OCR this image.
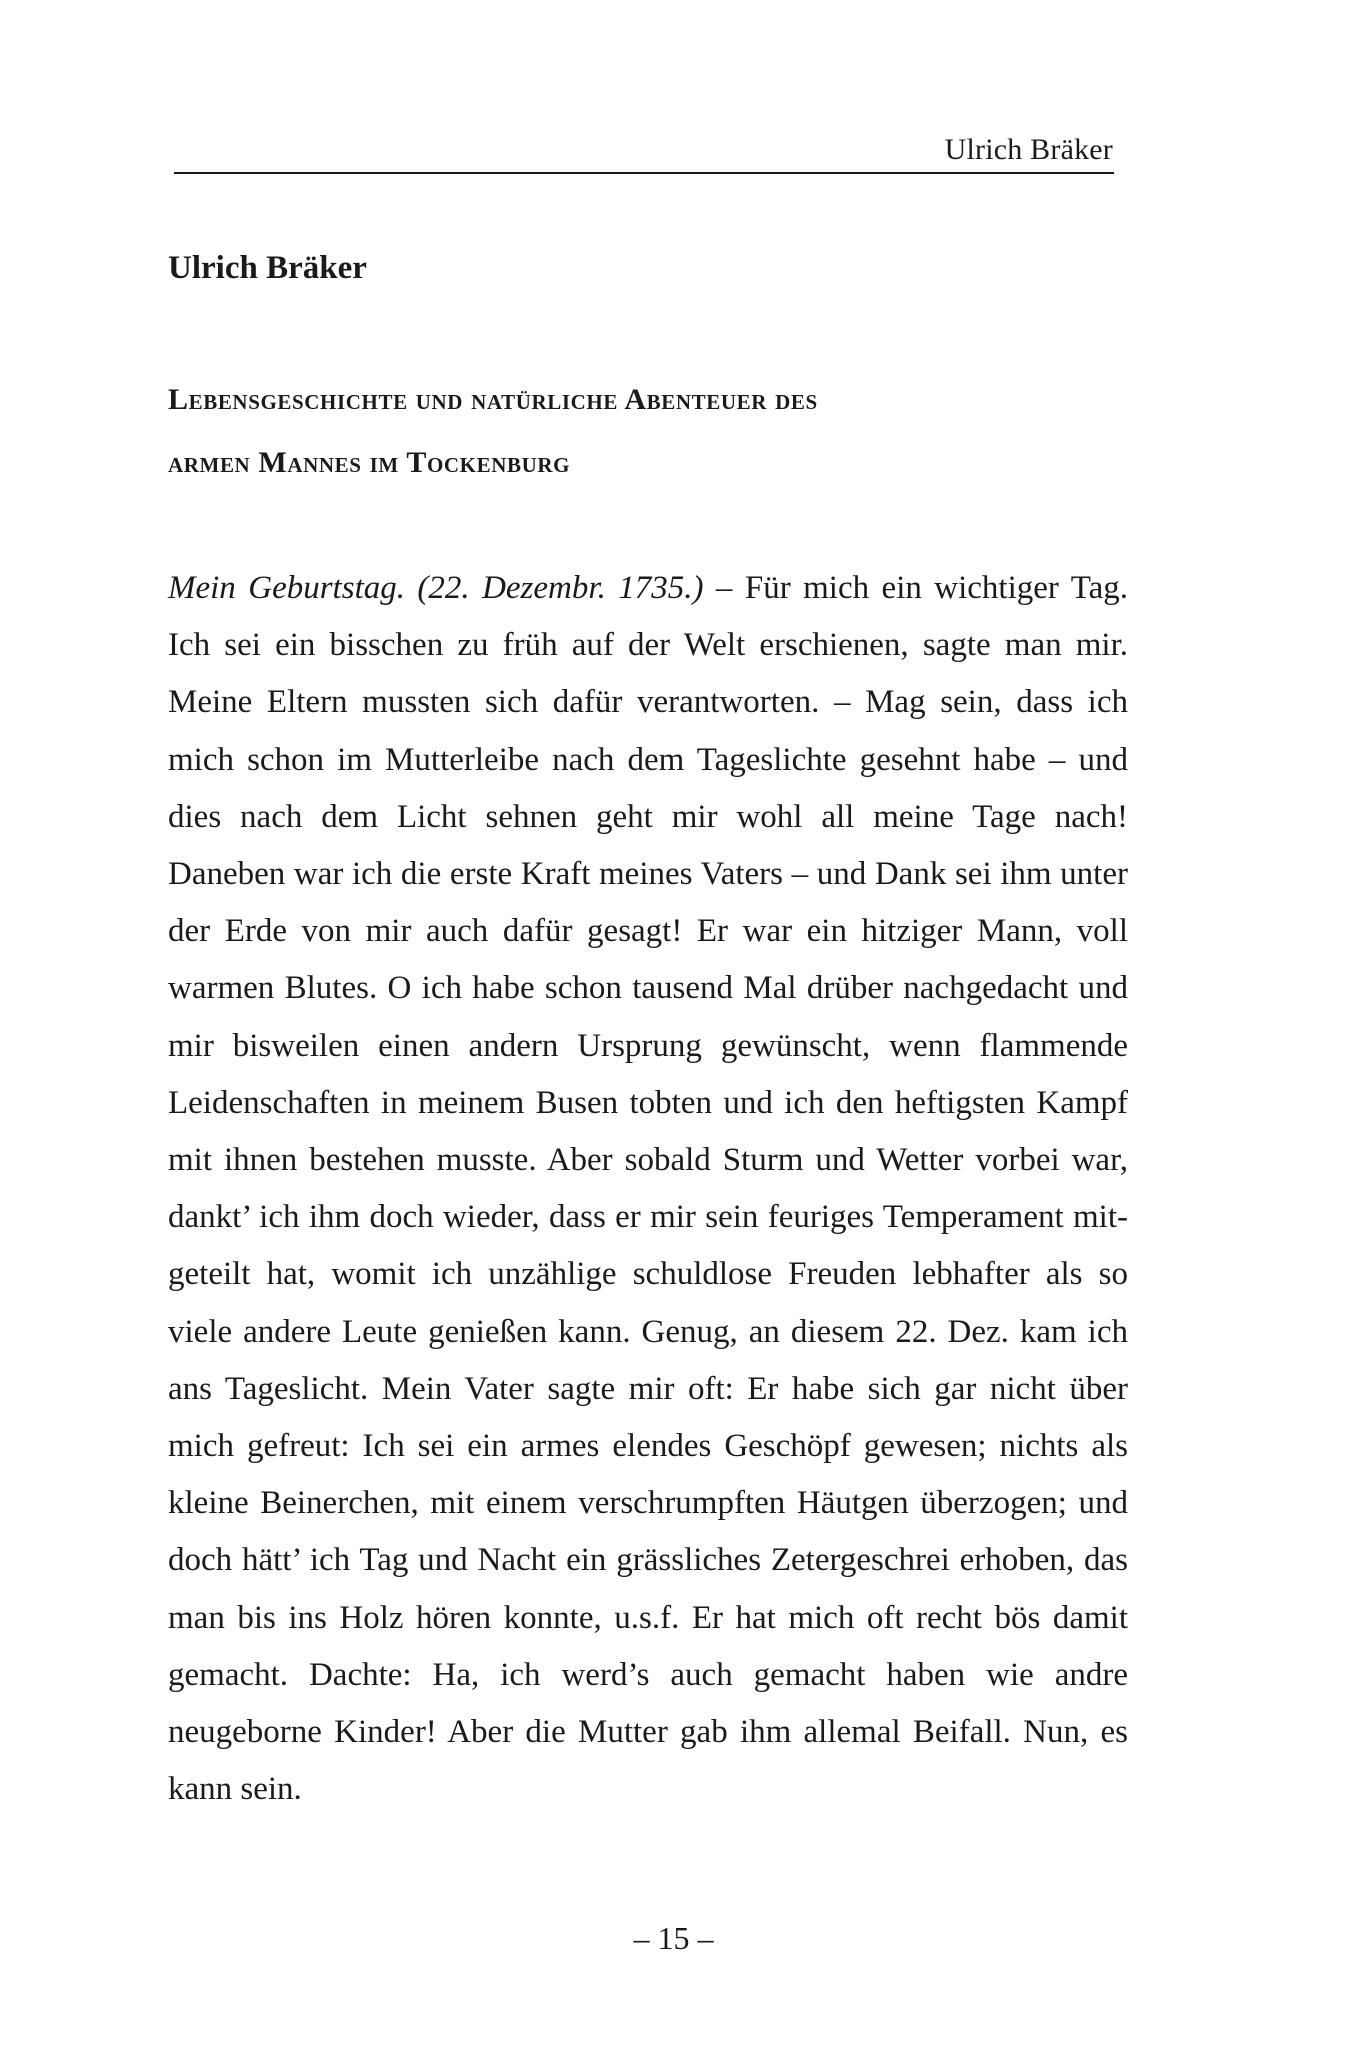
Ulrich Bräker
Ulrich Bräker
Lebensgeschichte und natürliche Abenteuer des
armen Mannes im Tockenburg

Mein Geburtstag. (22. Dezembr. 1735.) – Für mich ein wichtiger Tag. Ich sei ein bisschen zu früh auf der Welt erschienen, sagte man mir. Meine Eltern mussten sich dafür verantworten. – Mag sein, dass ich mich schon im Mutterleibe nach dem Tageslichte gesehnt habe – und dies nach dem Licht sehnen geht mir wohl all meine Tage nach! Daneben war ich die erste Kraft meines Vaters – und Dank sei ihm unter der Erde von mir auch dafür gesagt! Er war ein hitziger Mann, voll warmen Blutes. O ich habe schon tausend Mal drüber nachgedacht und mir bisweilen einen andern Ursprung gewünscht, wenn flammende Leidenschaften in meinem Busen tobten und ich den heftigsten Kampf mit ihnen bestehen musste. Aber sobald Sturm und Wetter vorbei war, dankt’ ich ihm doch wieder, dass er mir sein feuriges Temperament mitgeteilt hat, womit ich unzählige schuldlose Freuden lebhafter als so viele andere Leute genießen kann. Genug, an diesem 22. Dez. kam ich ans Tageslicht. Mein Vater sagte mir oft: Er habe sich gar nicht über mich gefreut: Ich sei ein armes elendes Geschöpf gewesen; nichts als kleine Beinerchen, mit einem verschrumpften Häutgen überzogen; und doch hätt’ ich Tag und Nacht ein grässliches Zetergeschrei erhoben, das man bis ins Holz hören konnte, u.s.f. Er hat mich oft recht bös damit gemacht. Dachte: Ha, ich werd’s auch gemacht haben wie andre neugeborne Kinder! Aber die Mutter gab ihm allemal Beifall. Nun, es kann sein.

– 15 –
